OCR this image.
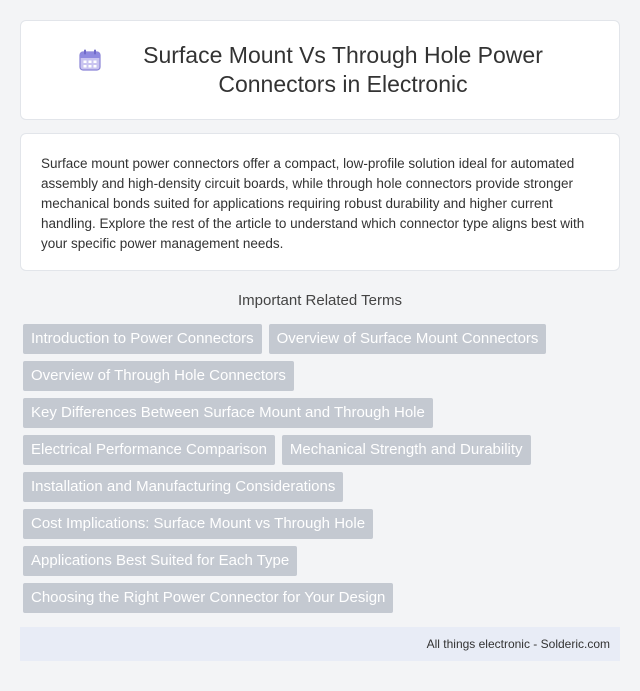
Surface Mount Vs Through Hole Power Connectors in Electronic

Surface mount power connectors offer a compact, low-profile solution ideal for automated assembly and high-density circuit boards, while through hole connectors provide stronger mechanical bonds suited for applications requiring robust durability and higher current handling. Explore the rest of the article to understand which connector type aligns best with your specific power management needs.

Important Related Terms
Introduction to Power Connectors	Overview of Surface Mount Connectors
Overview of Through Hole Connectors
Key Differences Between Surface Mount and Through Hole
Electrical Performance Comparison	Mechanical Strength and Durability
Installation and Manufacturing Considerations
Cost Implications: Surface Mount vs Through Hole
Applications Best Suited for Each Type
Choosing the Right Power Connector for Your Design
All things electronic - Solderic.com
